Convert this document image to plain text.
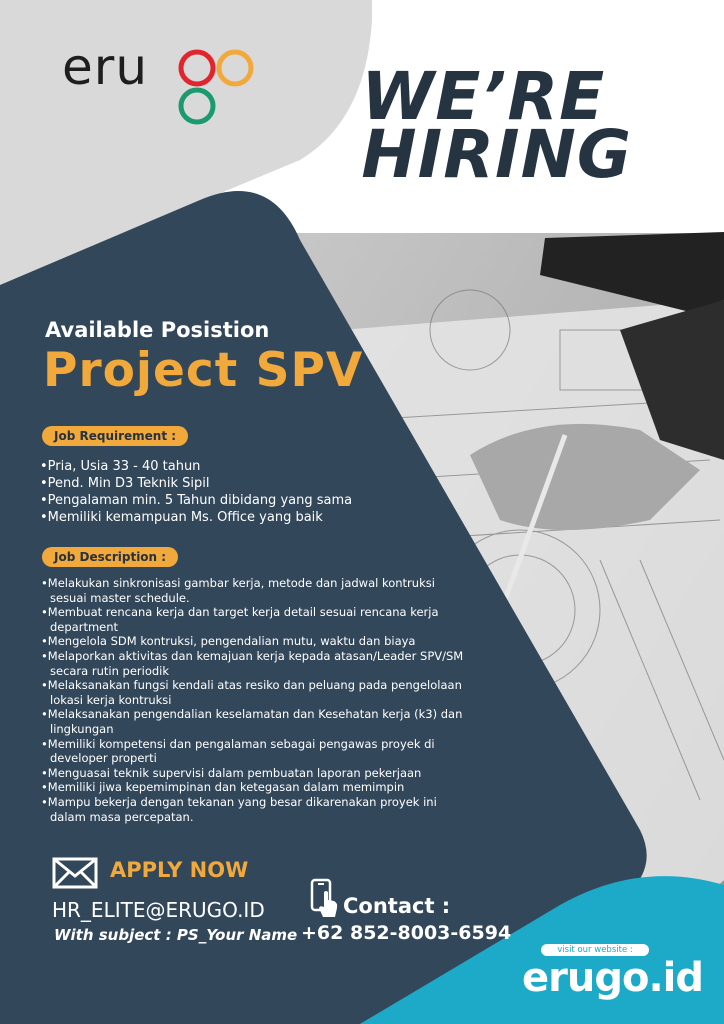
eru	WE’RE
HIRING
Available Posistion
Project SPV
Job Requirement :
• Pria, Usia 33 - 40 tahun
• Pend. Min D3 Teknik Sipil
• Pengalaman min. 5 Tahun dibidang yang sama
• Memiliki kemampuan Ms. Office yang baik
Job Description :
• Melakukan sinkronisasi gambar kerja, metode dan jadwal kontruksi sesuai master schedule.
• Membuat rencana kerja dan target kerja detail sesuai rencana kerja department
• Mengelola SDM kontruksi, pengendalian mutu, waktu dan biaya
• Melaporkan aktivitas dan kemajuan kerja kepada atasan/Leader SPV/SM secara rutin periodik
• Melaksanakan fungsi kendali atas resiko dan peluang pada pengelolaan lokasi kerja kontruksi
• Melaksanakan pengendalian keselamatan dan Kesehatan kerja (k3) dan lingkungan
• Memiliki kompetensi dan pengalaman sebagai pengawas proyek di developer properti
• Menguasai teknik supervisi dalam pembuatan laporan pekerjaan
• Memiliki jiwa kepemimpinan dan ketegasan dalam memimpin
• Mampu bekerja dengan tekanan yang besar dikarenakan proyek ini dalam masa percepatan.
APPLY NOW
HR_ELITE@ERUGO.ID
With subject : PS_Your Name
Contact :
+62 852-8003-6594
visit our website :
erugo.id
